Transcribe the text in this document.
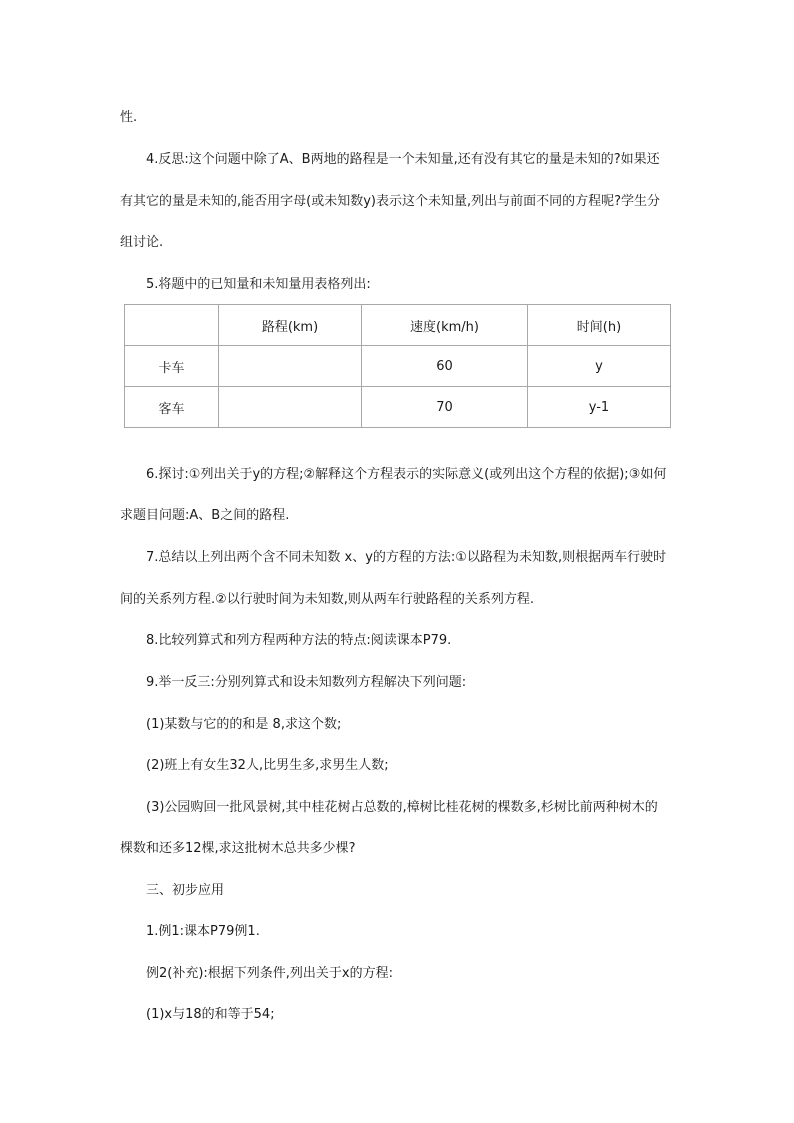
性.
4.反思:这个问题中除了A、B两地的路程是一个未知量,还有没有其它的量是未知的?如果还
有其它的量是未知的,能否用字母(或未知数y)表示这个未知量,列出与前面不同的方程呢?学生分
组讨论.
5.将题中的已知量和未知量用表格列出:
	路程(km)	速度(km/h)	时间(h)
卡车		60	y
客车		70	y-1
6.探讨:①列出关于y的方程;②解释这个方程表示的实际意义(或列出这个方程的依据);③如何
求题目问题:A、B之间的路程.
7.总结以上列出两个含不同未知数 x、y的方程的方法:①以路程为未知数,则根据两车行驶时
间的关系列方程.②以行驶时间为未知数,则从两车行驶路程的关系列方程.
8.比较列算式和列方程两种方法的特点:阅读课本P79.
9.举一反三:分别列算式和设未知数列方程解决下列问题:
(1)某数与它的的和是 8,求这个数;
(2)班上有女生32人,比男生多,求男生人数;
(3)公园购回一批风景树,其中桂花树占总数的,樟树比桂花树的棵数多,杉树比前两种树木的
棵数和还多12棵,求这批树木总共多少棵?
三、初步应用
1.例1:课本P79例1.
例2(补充):根据下列条件,列出关于x的方程:
(1)x与18的和等于54;
